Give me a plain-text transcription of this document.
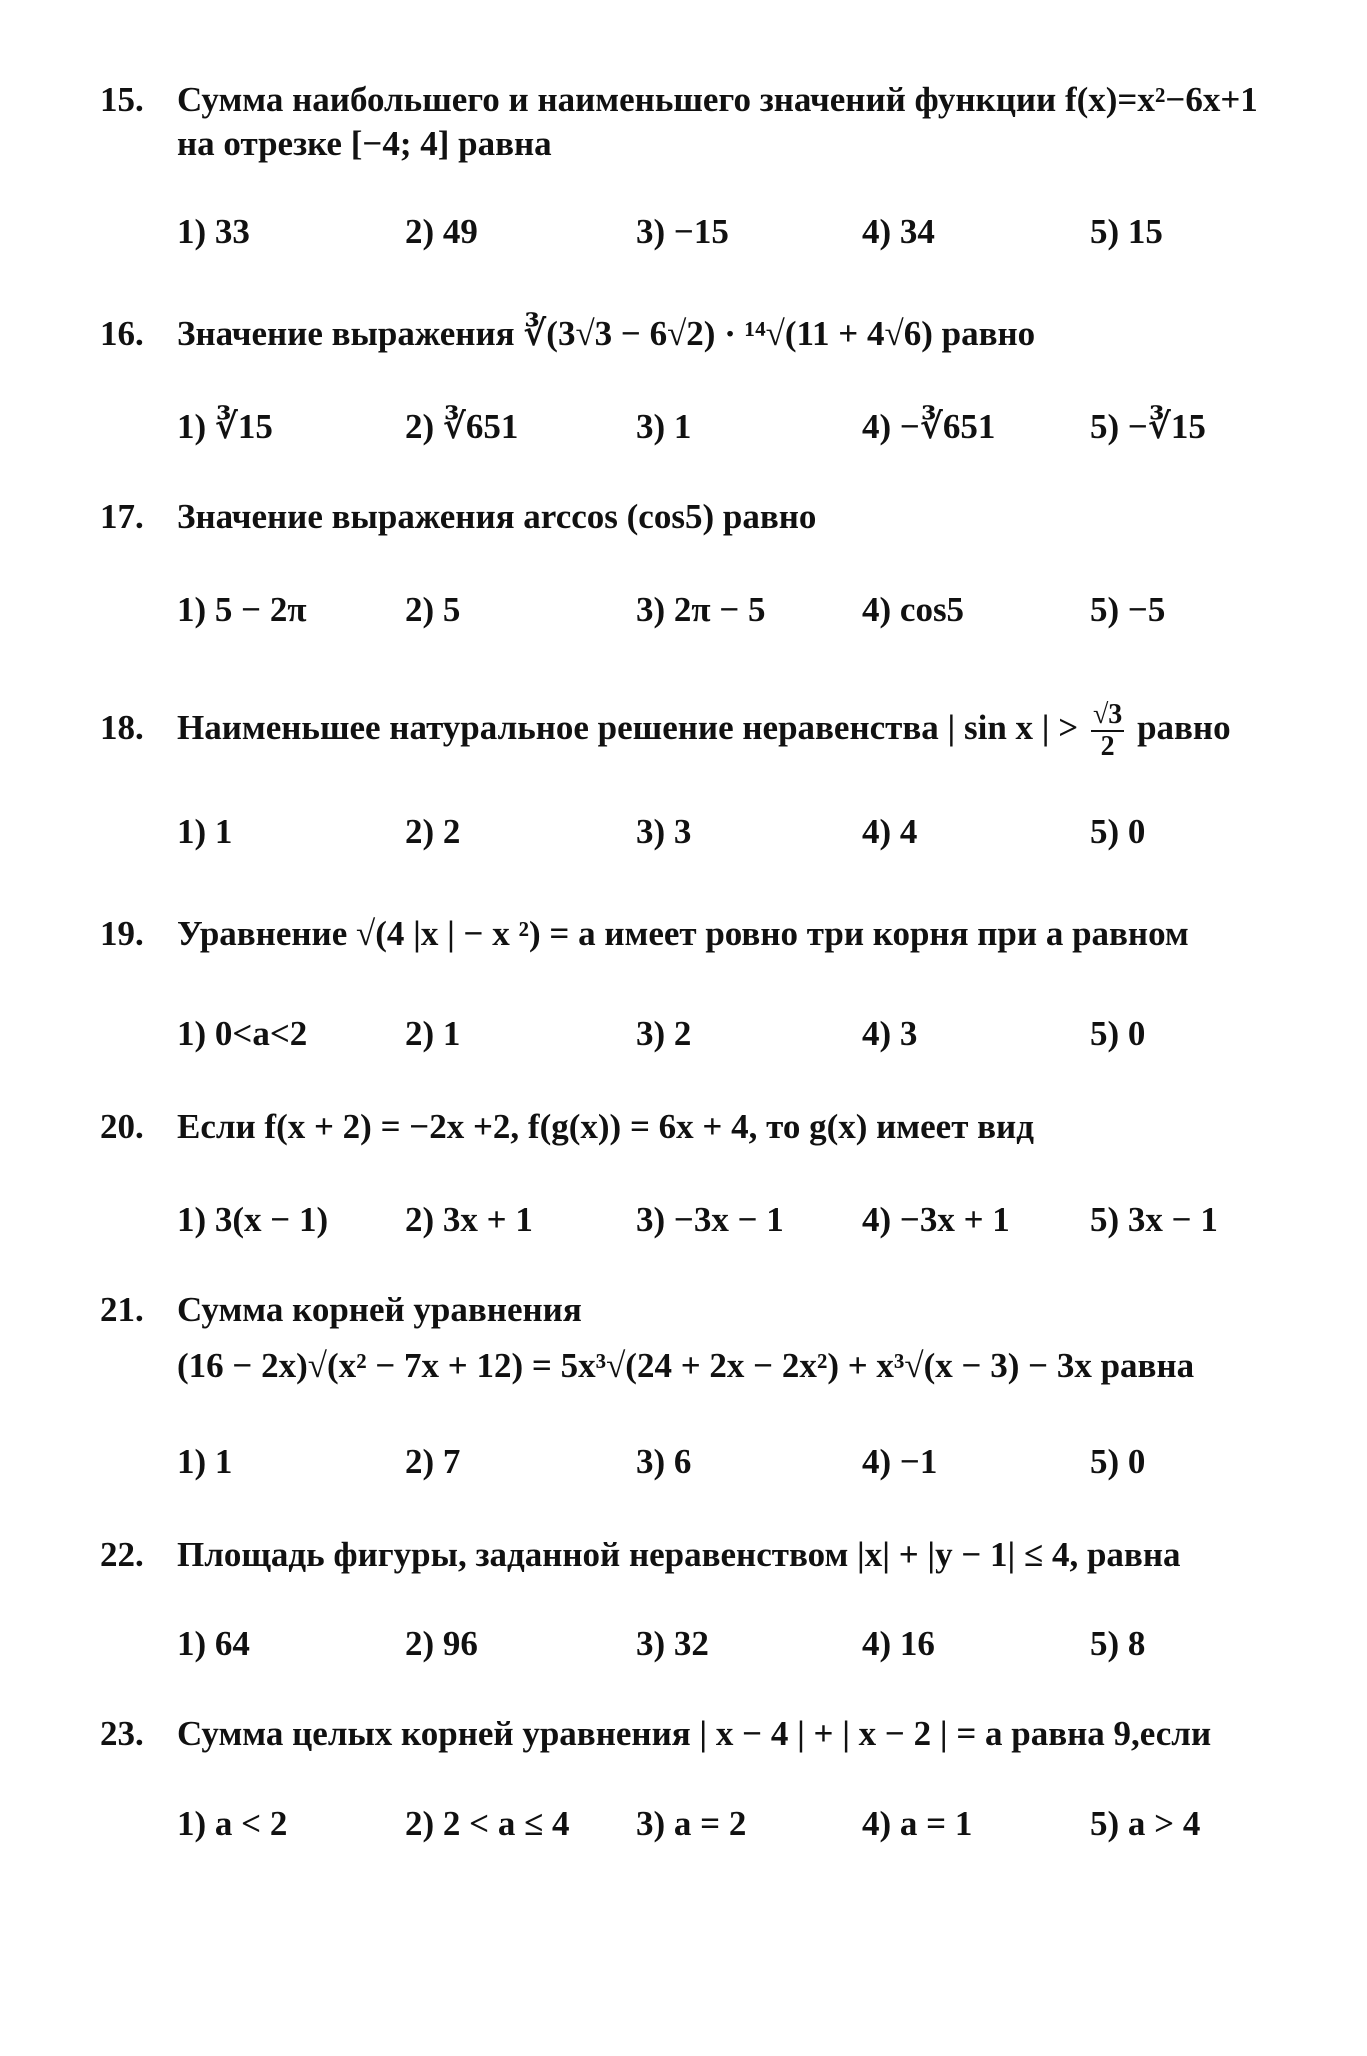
15. Сумма наибольшего и наименьшего значений функции f(x)=x²−6x+1
на отрезке [−4; 4] равна
1) 33	2) 49	3) −15	4) 34	5) 15
16. Значение выражения ∛(3√3 − 6√2) · ¹⁴√(11 + 4√6) равно
1) ∛15	2) ∛651	3) 1	4) −∛651	5) −∛15
17. Значение выражения arccos (cos5) равно
1) 5 − 2π	2) 5	3) 2π − 5	4) cos5	5) −5
18. Наименьшее натуральное решение неравенства | sin x | > $\frac{√3}{2}$ равно
1) 1	2) 2	3) 3	4) 4	5) 0
19. Уравнение √(4 |x | − x ²) = а имеет ровно три корня при а равном
1) 0<a<2	2) 1	3) 2	4) 3	5) 0
20. Если f(x + 2) = −2x +2, f(g(x)) = 6x + 4, то g(x) имеет вид
1) 3(x − 1) 2) 3x + 1	3) −3x − 1 4) −3x + 1 5) 3x − 1
21. Сумма корней уравнения
(16 − 2x)√(x² − 7x + 12) = 5x³√(24 + 2x − 2x²) + x³√(x − 3) − 3x равна
1) 1	2) 7	3) 6	4) −1	5) 0
22. Площадь фигуры, заданной неравенством |x| + |y − 1| ≤ 4, равна
1) 64	2) 96	3) 32	4) 16	5) 8
23. Сумма целых корней уравнения | x − 4 | + | x − 2 | = а равна 9,если
1) a < 2	2) 2 < a ≤ 4 3) a = 2	4) a = 1	5) a > 4
